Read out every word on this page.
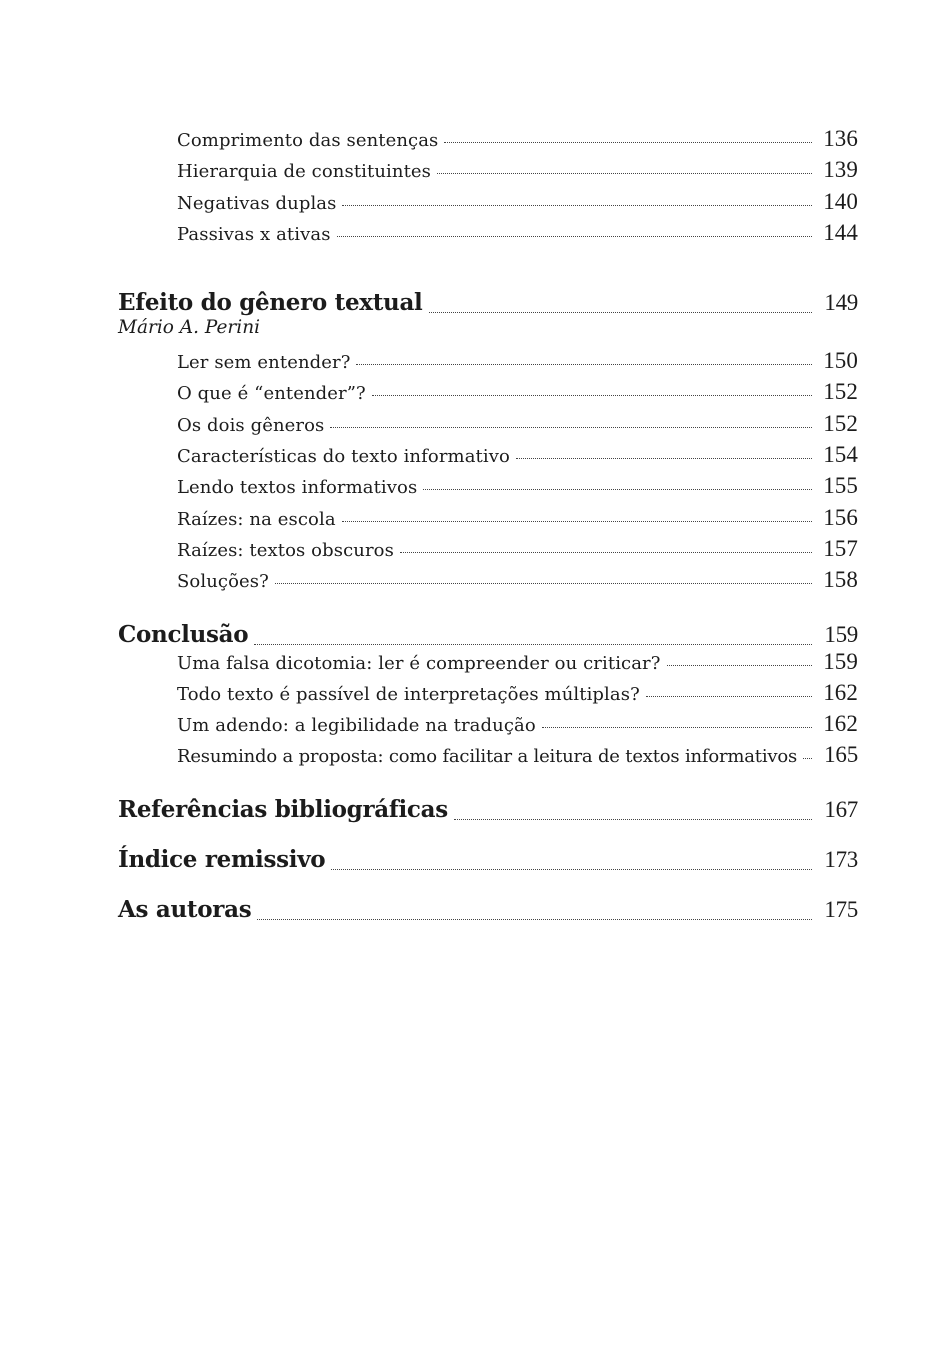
Comprimento das sentenças	136
Hierarquia de constituintes	139
Negativas duplas	140
Passivas x ativas	144
Efeito do gênero textual	149
Mário A. Perini
Ler sem entender?	150
O que é “entender”?	152
Os dois gêneros	152
Características do texto informativo	154
Lendo textos informativos	155
Raízes: na escola	156
Raízes: textos obscuros	157
Soluções?	158
Conclusão	159
Uma falsa dicotomia: ler é compreender ou criticar?	159
Todo texto é passível de interpretações múltiplas?	162
Um adendo: a legibilidade na tradução	162
Resumindo a proposta: como facilitar a leitura de textos informativos 165
Referências bibliográficas	167
Índice remissivo	173
As autoras	175
